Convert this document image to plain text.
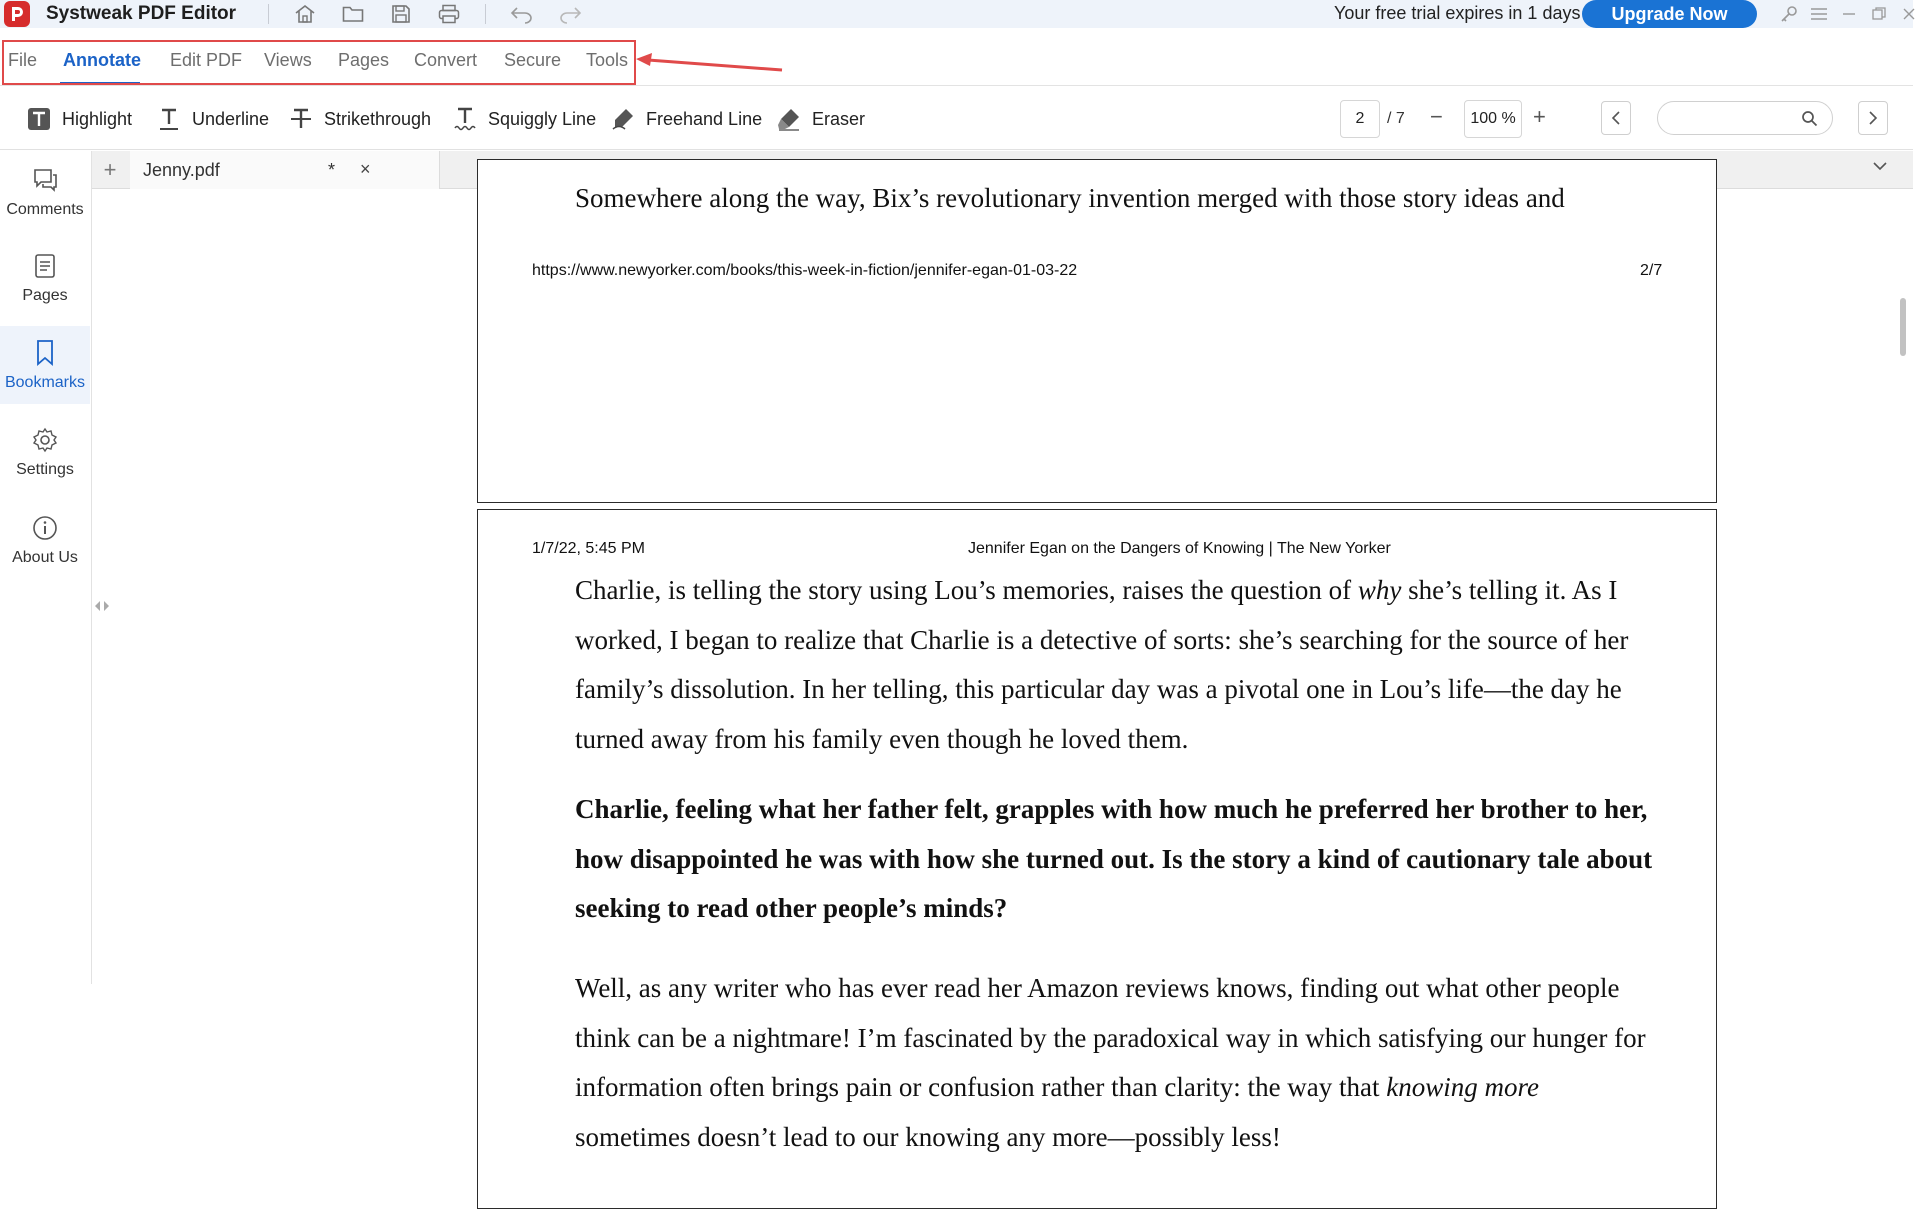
Systweak PDF Editor	Your free trial expires in 1 days	Upgrade Now
File Annotate Edit PDF Views Pages Convert Secure Tools
Highlight	Underline	Strikethrough	Squiggly Line	Freehand Line	Eraser	2	/ 7 −	100 % +
Comments
Pages
Bookmarks
Settings
About Us
+	Jenny.pdf	* ×
Somewhere along the way, Bix’s revolutionary invention merged with those story ideas and
https://www.newyorker.com/books/this-week-in-fiction/jennifer-egan-01-03-22	2/7
1/7/22, 5:45 PM	Jennifer Egan on the Dangers of Knowing | The New Yorker
Charlie, is telling the story using Lou’s memories, raises the question of why she’s telling it. As I worked, I began to realize that Charlie is a detective of sorts: she’s searching for the source of her family’s dissolution. In her telling, this particular day was a pivotal one in Lou’s life—the day he turned away from his family even though he loved them.
Charlie, feeling what her father felt, grapples with how much he preferred her brother to her, how disappointed he was with how she turned out. Is the story a kind of cautionary tale about seeking to read other people’s minds?
Well, as any writer who has ever read her Amazon reviews knows, finding out what other people think can be a nightmare! I’m fascinated by the paradoxical way in which satisfying our hunger for information often brings pain or confusion rather than clarity: the way that knowing more sometimes doesn’t lead to our knowing any more—possibly less!
